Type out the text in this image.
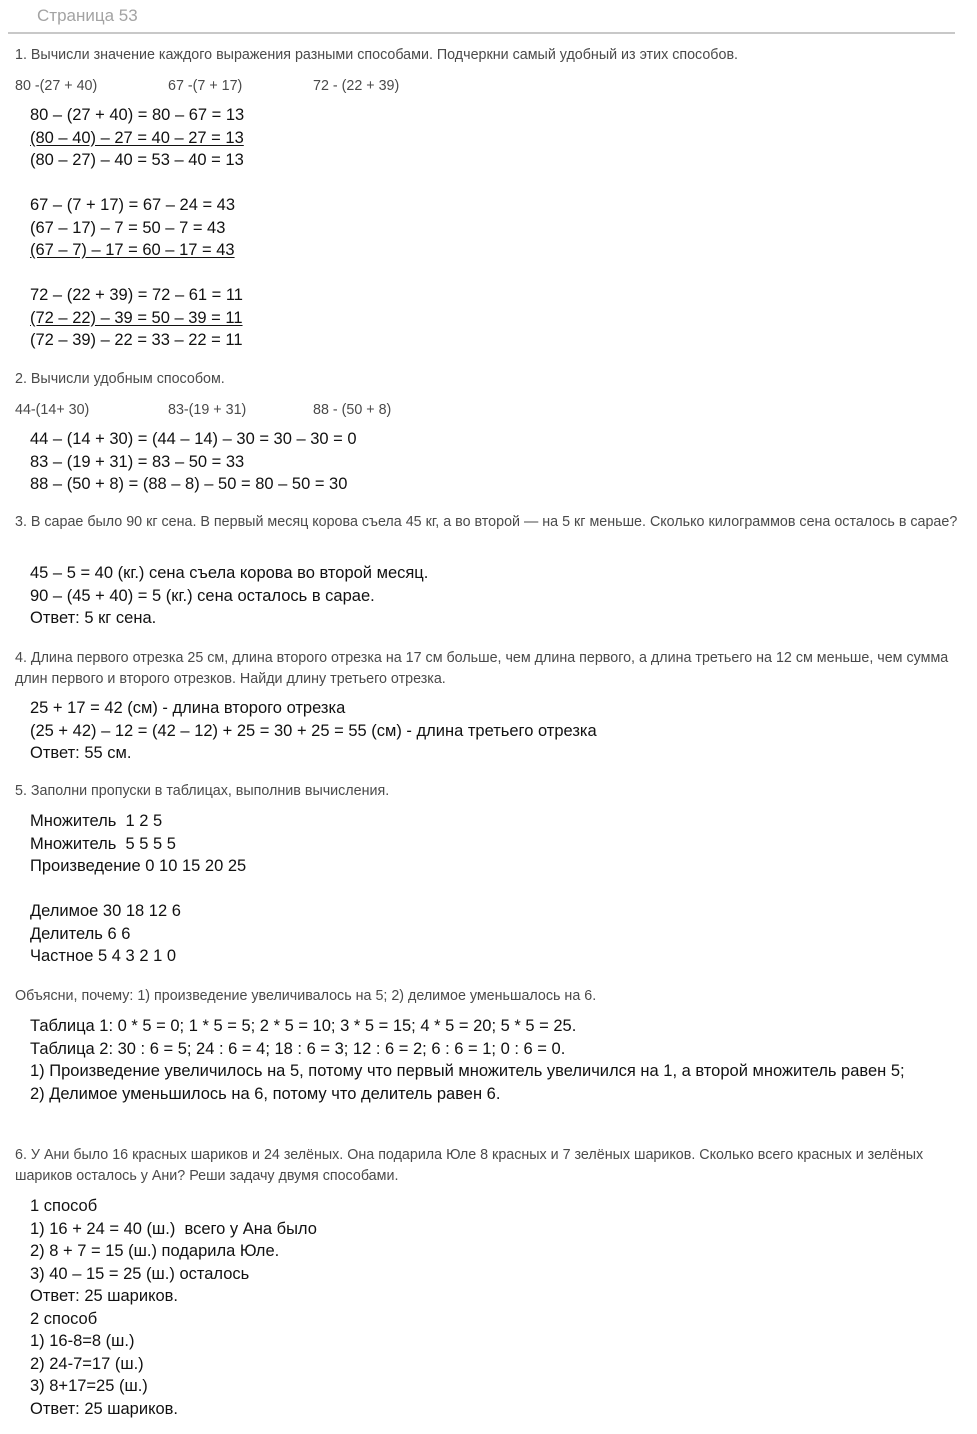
Страница 53

1. Вычисли значение каждого выражения разными способами. Подчеркни самый удобный из этих способов.

80 -(27 + 40)	67 -(7 + 17)	72 - (22 + 39)
80 – (27 + 40) = 80 – 67 = 13
(80 – 40) – 27 = 40 – 27 = 13
(80 – 27) – 40 = 53 – 40 = 13
67 – (7 + 17) = 67 – 24 = 43
(67 – 17) – 7 = 50 – 7 = 43
(67 – 7) – 17 = 60 – 17 = 43
72 – (22 + 39) = 72 – 61 = 11
(72 – 22) – 39 = 50 – 39 = 11
(72 – 39) – 22 = 33 – 22 = 11

2. Вычисли удобным способом.

44-(14+ 30)	83-(19 + 31)	88 - (50 + 8)
44 – (14 + 30) = (44 – 14) – 30 = 30 – 30 = 0
83 – (19 + 31) = 83 – 50 = 33
88 – (50 + 8) = (88 – 8) – 50 = 80 – 50 = 30

3. В сарае было 90 кг сена. В первый месяц корова съела 45 кг, а во второй — на 5 кг меньше. Сколько килограммов сена осталось в сарае?

45 – 5 = 40 (кг.) сена съела корова во второй месяц.
90 – (45 + 40) = 5 (кг.) сена осталось в сарае.
Ответ: 5 кг сена.

4. Длина первого отрезка 25 см, длина второго отрезка на 17 см больше, чем длина первого, а длина третьего на 12 см меньше, чем сумма длин первого и второго отрезков. Найди длину третьего отрезка.

25 + 17 = 42 (см) - длина второго отрезка
(25 + 42) – 12 = (42 – 12) + 25 = 30 + 25 = 55 (см) - длина третьего отрезка
Ответ: 55 см.

5. Заполни пропуски в таблицах, выполнив вычисления.

Множитель  1 2 5
Множитель  5 5 5 5
Произведение 0 10 15 20 25
Делимое 30 18 12 6
Делитель 6 6
Частное 5 4 3 2 1 0

Объясни, почему: 1) произведение увеличивалось на 5; 2) делимое уменьшалось на 6.

Таблица 1: 0 * 5 = 0; 1 * 5 = 5; 2 * 5 = 10; 3 * 5 = 15; 4 * 5 = 20; 5 * 5 = 25.
Таблица 2: 30 : 6 = 5; 24 : 6 = 4; 18 : 6 = 3; 12 : 6 = 2; 6 : 6 = 1; 0 : 6 = 0.
1) Произведение увеличилось на 5, потому что первый множитель увеличился на 1, а второй множитель равен 5;
2) Делимое уменьшилось на 6, потому что делитель равен 6.

6. У Ани было 16 красных шариков и 24 зелёных. Она подарила Юле 8 красных и 7 зелёных шариков. Сколько всего красных и зелёных шариков осталось у Ани? Реши задачу двумя способами.

1 способ
1) 16 + 24 = 40 (ш.)  всего у Ана было
2) 8 + 7 = 15 (ш.) подарила Юле.
3) 40 – 15 = 25 (ш.) осталось
Ответ: 25 шариков.
2 способ
1) 16-8=8 (ш.)
2) 24-7=17 (ш.)
3) 8+17=25 (ш.)
Ответ: 25 шариков.
